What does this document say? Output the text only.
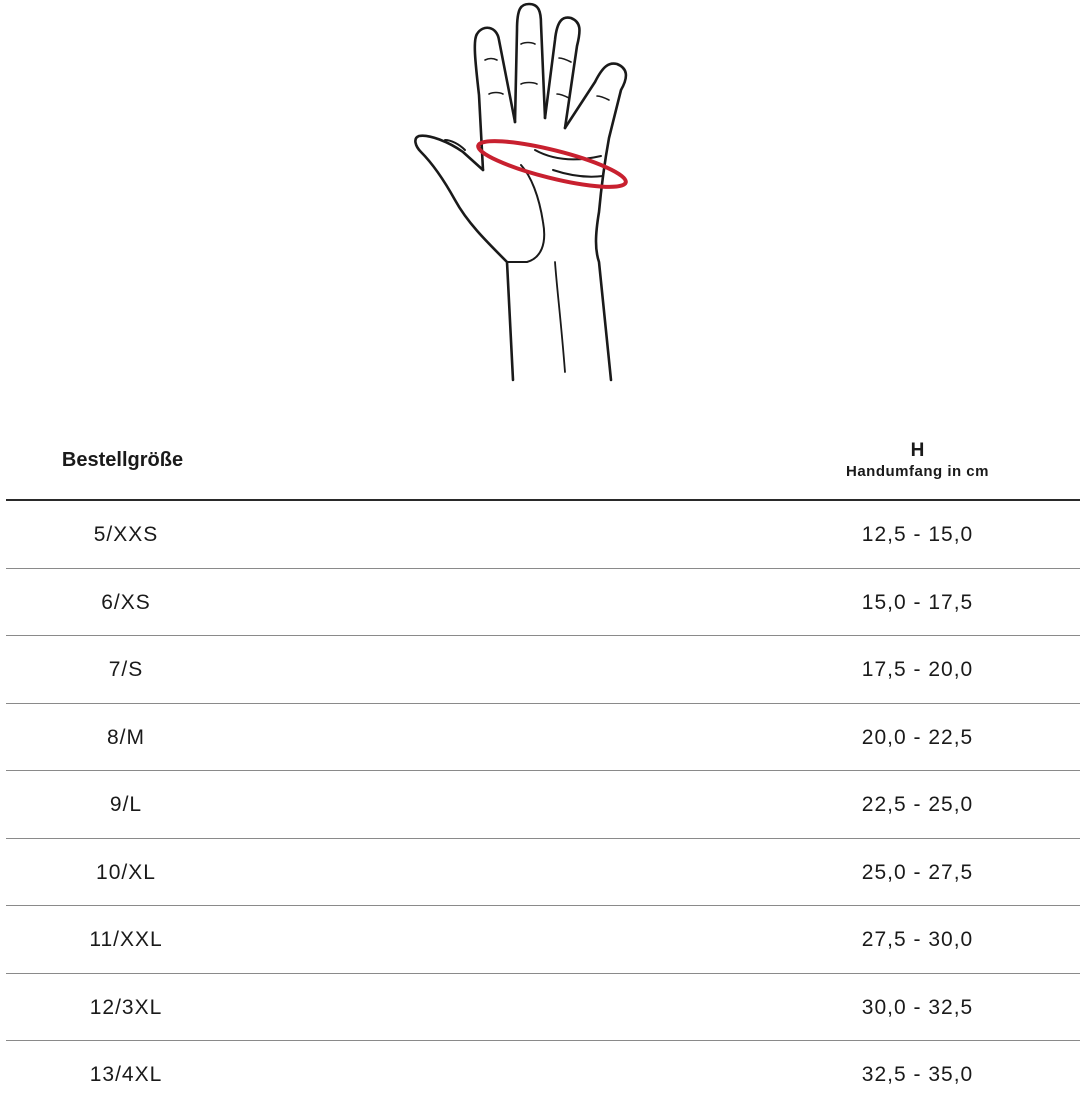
Bestellgröße	H
Handumfang in cm
5/XXS	12,5 - 15,0
6/XS	15,0 - 17,5
7/S	17,5 - 20,0
8/M	20,0 - 22,5
9/L	22,5 - 25,0
10/XL	25,0 - 27,5
11/XXL	27,5 - 30,0
12/3XL	30,0 - 32,5
13/4XL	32,5 - 35,0
